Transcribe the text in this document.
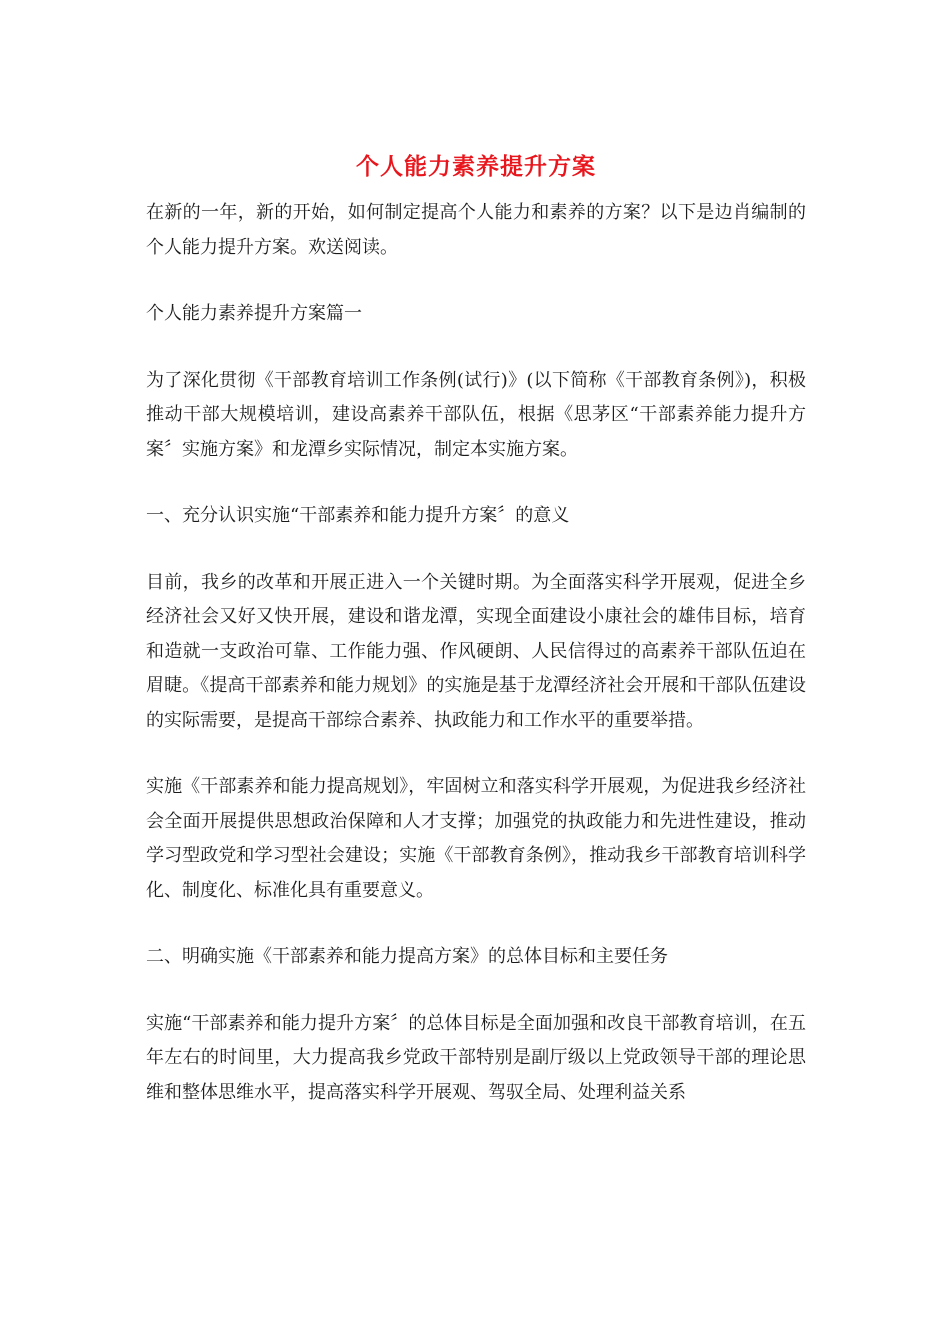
个人能力素养提升方案

在新的一年，新的开始，如何制定提高个人能力和素养的方案？以下是边肖编制的个人能力提升方案。欢送阅读。

个人能力素养提升方案篇一

为了深化贯彻《干部教育培训工作条例(试行)》(以下简称《干部教育条例》)，积极推动干部大规模培训，建设高素养干部队伍，根据《思茅区“干部素养能力提升方案〞实施方案》和龙潭乡实际情况，制定本实施方案。

一、充分认识实施“干部素养和能力提升方案〞的意义

目前，我乡的改革和开展正进入一个关键时期。为全面落实科学开展观，促进全乡经济社会又好又快开展，建设和谐龙潭，实现全面建设小康社会的雄伟目标，培育和造就一支政治可靠、工作能力强、作风硬朗、人民信得过的高素养干部队伍迫在眉睫。《提高干部素养和能力规划》的实施是基于龙潭经济社会开展和干部队伍建设的实际需要，是提高干部综合素养、执政能力和工作水平的重要举措。

实施《干部素养和能力提高规划》，牢固树立和落实科学开展观，为促进我乡经济社会全面开展提供思想政治保障和人才支撑；加强党的执政能力和先进性建设，推动学习型政党和学习型社会建设；实施《干部教育条例》，推动我乡干部教育培训科学化、制度化、标准化具有重要意义。

二、明确实施《干部素养和能力提高方案》的总体目标和主要任务

实施“干部素养和能力提升方案〞的总体目标是全面加强和改良干部教育培训，在五年左右的时间里，大力提高我乡党政干部特别是副厅级以上党政领导干部的理论思维和整体思维水平，提高落实科学开展观、驾驭全局、处理利益关系
